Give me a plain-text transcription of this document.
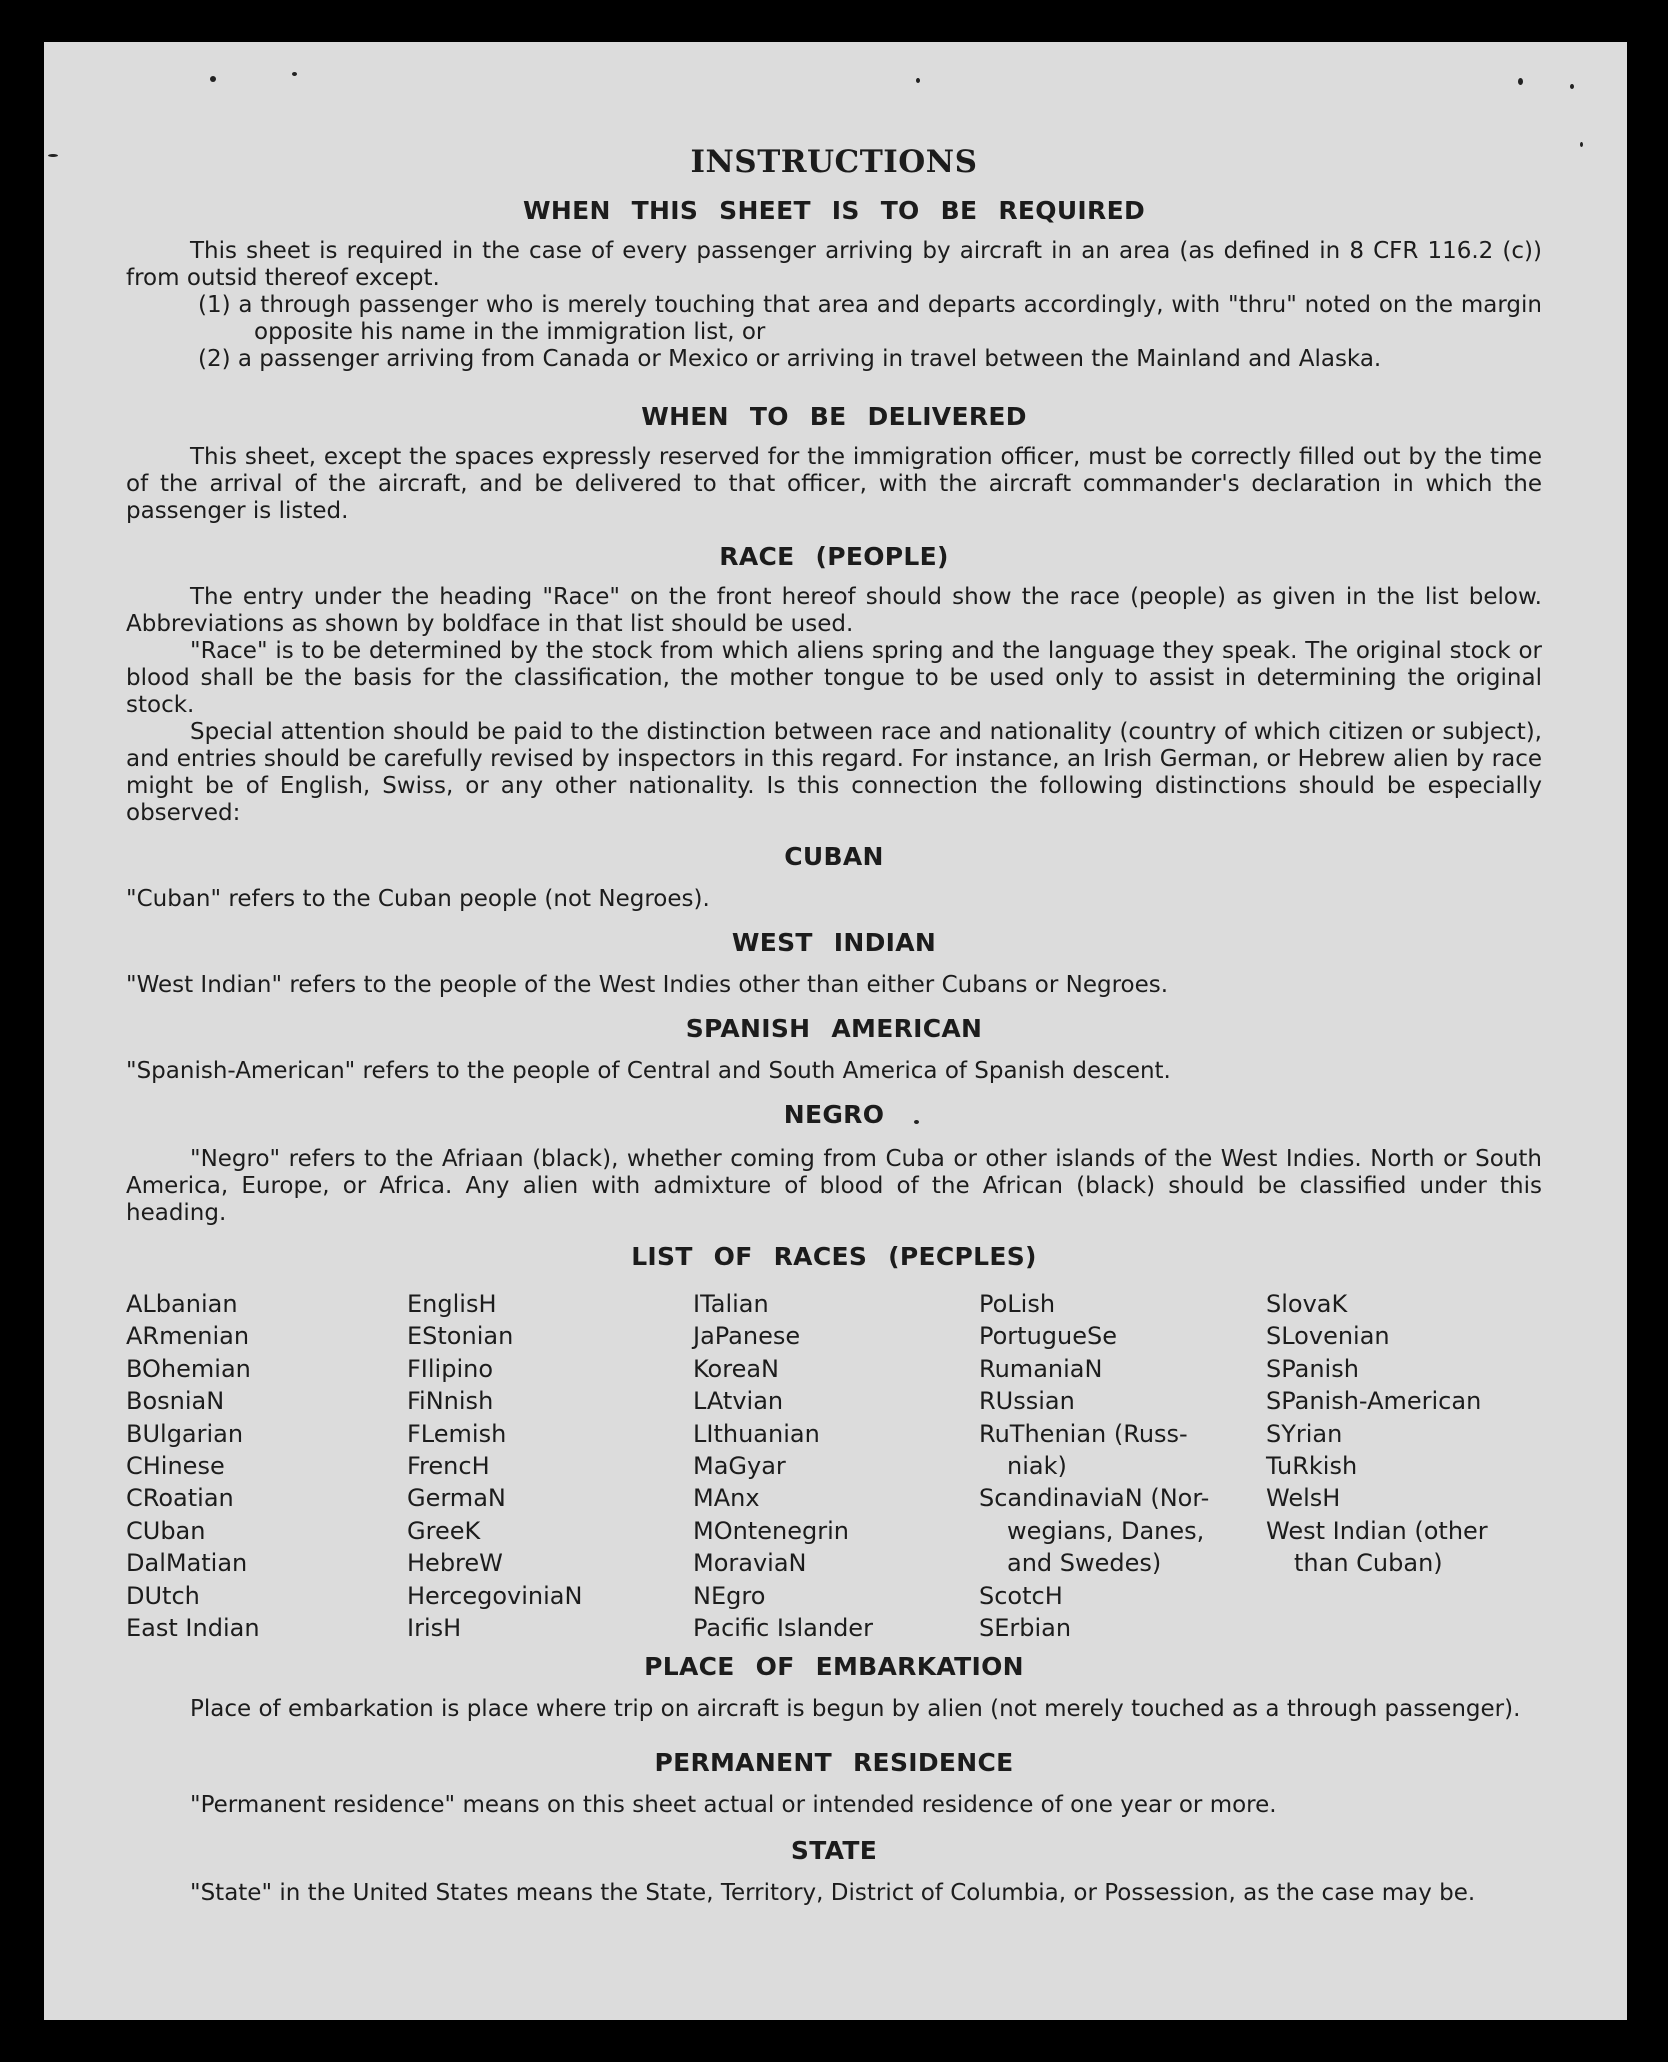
INSTRUCTIONS
WHEN THIS SHEET IS TO BE REQUIRED
This sheet is required in the case of every passenger arriving by aircraft in an area (as defined in 8 CFR 116.2 (c)) from outsid thereof except.
(1) a through passenger who is merely touching that area and departs accordingly, with "thru" noted on the margin opposite his name in the immigration list, or
(2) a passenger arriving from Canada or Mexico or arriving in travel between the Mainland and Alaska.
WHEN TO BE DELIVERED
This sheet, except the spaces expressly reserved for the immigration officer, must be correctly filled out by the time of the arrival of the aircraft, and be delivered to that officer, with the aircraft commander's declaration in which the passenger is listed.
RACE (PEOPLE)
The entry under the heading "Race" on the front hereof should show the race (people) as given in the list below. Abbreviations as shown by boldface in that list should be used.
"Race" is to be determined by the stock from which aliens spring and the language they speak. The original stock or blood shall be the basis for the classification, the mother tongue to be used only to assist in determining the original stock.
Special attention should be paid to the distinction between race and nationality (country of which citizen or subject), and entries should be carefully revised by inspectors in this regard. For instance, an Irish German, or Hebrew alien by race might be of English, Swiss, or any other nationality. Is this connection the following distinctions should be especially observed:
CUBAN
"Cuban" refers to the Cuban people (not Negroes).
WEST INDIAN
"West Indian" refers to the people of the West Indies other than either Cubans or Negroes.
SPANISH AMERICAN
"Spanish-American" refers to the people of Central and South America of Spanish descent.
NEGRO
"Negro" refers to the Afriaan (black), whether coming from Cuba or other islands of the West Indies. North or South America, Europe, or Africa. Any alien with admixture of blood of the African (black) should be classified under this heading.
LIST OF RACES (PECPLES)
ALbanian
ARmenian
BOhemian
BosniaN
BUlgarian
CHinese
CRoatian
CUban
DalMatian
DUtch
East Indian
EnglisH
EStonian
FIlipino
FiNnish
FLemish
FrencH
GermaN
GreeK
HebreW
HercegoviniaN
IrisH
ITalian
JaPanese
KoreaN
LAtvian
LIthuanian
MaGyar
MAnx
MOntenegrin
MoraviaN
NEgro
Pacific Islander
PoLish
PortugueSe
RumaniaN
RUssian
RuThenian (Russ-
niak)
ScandinaviaN (Nor-
wegians, Danes,
and Swedes)
ScotcH
SErbian
SlovaK
SLovenian
SPanish
SPanish-American
SYrian
TuRkish
WelsH
West Indian (other
than Cuban)
PLACE OF EMBARKATION
Place of embarkation is place where trip on aircraft is begun by alien (not merely touched as a through passenger).
PERMANENT RESIDENCE
"Permanent residence" means on this sheet actual or intended residence of one year or more.
STATE
"State" in the United States means the State, Territory, District of Columbia, or Possession, as the case may be.
